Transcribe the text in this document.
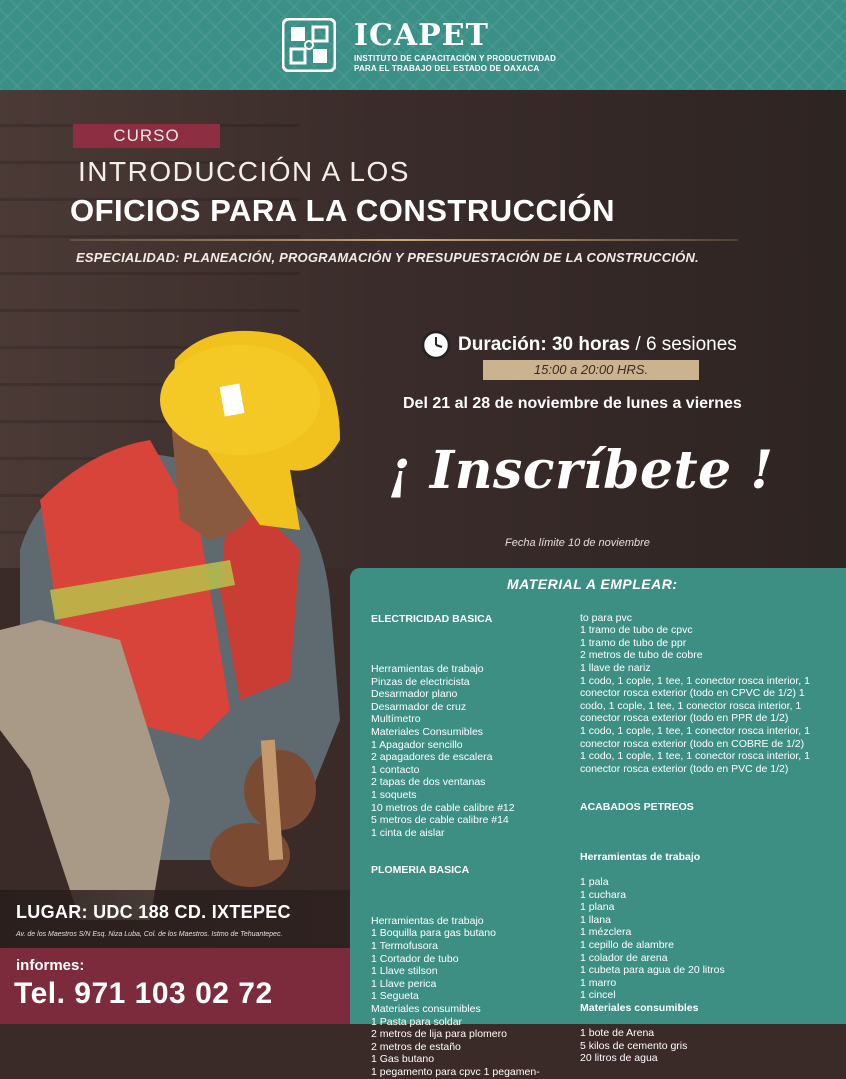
ICAPET
INSTITUTO DE CAPACITACIÓN Y PRODUCTIVIDAD
PARA EL TRABAJO DEL ESTADO DE OAXACA
CURSO
INTRODUCCIÓN A LOS
OFICIOS PARA LA CONSTRUCCIÓN
ESPECIALIDAD: PLANEACIÓN, PROGRAMACIÓN Y PRESUPUESTACIÓN DE LA CONSTRUCCIÓN.
Duración: 30 horas / 6 sesiones
15:00 a 20:00 HRS.
Del 21 al 28 de noviembre de lunes a viernes
¡ Inscríbete !
Fecha límite 10 de noviembre
LUGAR: UDC 188 CD. IXTEPEC
Av. de los Maestros S/N Esq. Niza Luba, Col. de los Maestros. Istmo de Tehuantepec.
informes:
Tel. 971 103 02 72
MATERIAL A EMPLEAR:

ELECTRICIDAD BASICA

Herramientas de trabajo
Pinzas de electricista
Desarmador plano
Desarmador de cruz
Multímetro
Materiales Consumibles
1 Apagador sencillo
2 apagadores de escalera
1 contacto
2 tapas de dos ventanas
1 soquets
10 metros de cable calibre #12
5 metros de cable calibre #14
1 cinta de aislar

PLOMERIA BASICA

Herramientas de trabajo
1 Boquilla para gas butano
1 Termofusora
1 Cortador de tubo
1 Llave stilson
1 Llave perica
1 Segueta
Materiales consumibles
1 Pasta para soldar
2 metros de lija para plomero
2 metros de estaño
1 Gas butano
1 pegamento para cpvc 1 pegamen-

to para pvc
1 tramo de tubo de cpvc
1 tramo de tubo de ppr
2 metros de tubo de cobre
1 llave de nariz
1 codo, 1 cople, 1 tee, 1 conector rosca interior, 1
conector rosca exterior (todo en CPVC de 1/2) 1
codo, 1 cople, 1 tee, 1 conector rosca interior, 1
conector rosca exterior (todo en PPR de 1/2)
1 codo, 1 cople, 1 tee, 1 conector rosca interior, 1
conector rosca exterior (todo en COBRE de 1/2)
1 codo, 1 cople, 1 tee, 1 conector rosca interior, 1
conector rosca exterior (todo en PVC de 1/2)

ACABADOS PETREOS

Herramientas de trabajo

1 pala
1 cuchara
1 plana
1 llana
1 mézclera
1 cepillo de alambre
1 colador de arena
1 cubeta para agua de 20 litros
1 marro
1 cincel

Materiales consumibles

1 bote de Arena
5 kilos de cemento gris
20 litros de agua
